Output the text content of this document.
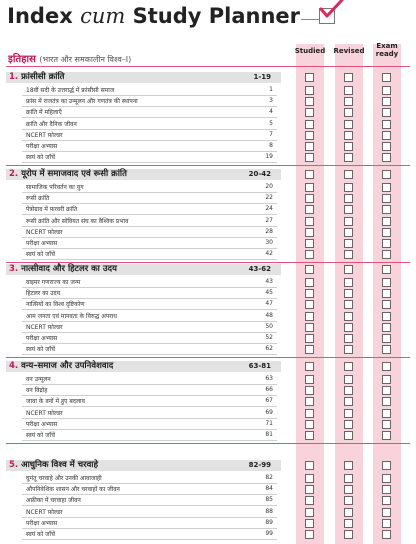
Index cum Study Planner
Studied	Revised
Exam ready
इतिहास (भारत और समकालीन विश्व–I)
1. फ्रांसीसी क्रांति	1-19
18वीं सदी के उत्तरार्द्ध में फ्रांसीसी समाज	1
फ्रांस में राजतंत्र का उन्मूलन और गणतंत्र की स्थापना	3
क्रांति में महिलाएँ	4
क्रांति और दैनिक जीवन	5
NCERT फ़ोल्डर	7
परीक्षा अभ्यास	8
स्वयं को जाँचें	19
2. यूरोप में समाजवाद एवं रूसी क्रांति	20-42
सामाजिक परिवर्तन का युग	20
रूसी क्रांति	22
पेत्रोग्राद में फ़रवरी क्रांति	24
रूसी क्रांति और सोवियत संघ का वैश्विक प्रभाव	27
NCERT फ़ोल्डर	28
परीक्षा अभ्यास	30
स्वयं को जाँचें	42
3. नात्सीवाद और हिटलर का उदय	43-62
वाइमर गणराज्य का जन्म	43
हिटलर का उदय	45
नात्सियों का विश्व दृष्टिकोण	47
आम जनता एवं मानवता के विरुद्ध अपराध	48
NCERT फ़ोल्डर	50
परीक्षा अभ्यास	52
स्वयं को जाँचें	62
4. वन्य–समाज और उपनिवेशवाद	63-81
वन उन्मूलन	63
वन विद्रोह	66
जावा के वनों में हुए बदलाव	67
NCERT फ़ोल्डर	69
परीक्षा अभ्यास	71
स्वयं को जाँचें	81
5. आधुनिक विश्व में चरवाहे	82-99
घुमंतू चरवाहे और उनकी आवाजाही	82
औपनिवेशिक शासन और चरवाहों का जीवन	84
अफ्रीका में चरवाहा जीवन	85
NCERT फ़ोल्डर	88
परीक्षा अभ्यास	89
स्वयं को जाँचें	99
